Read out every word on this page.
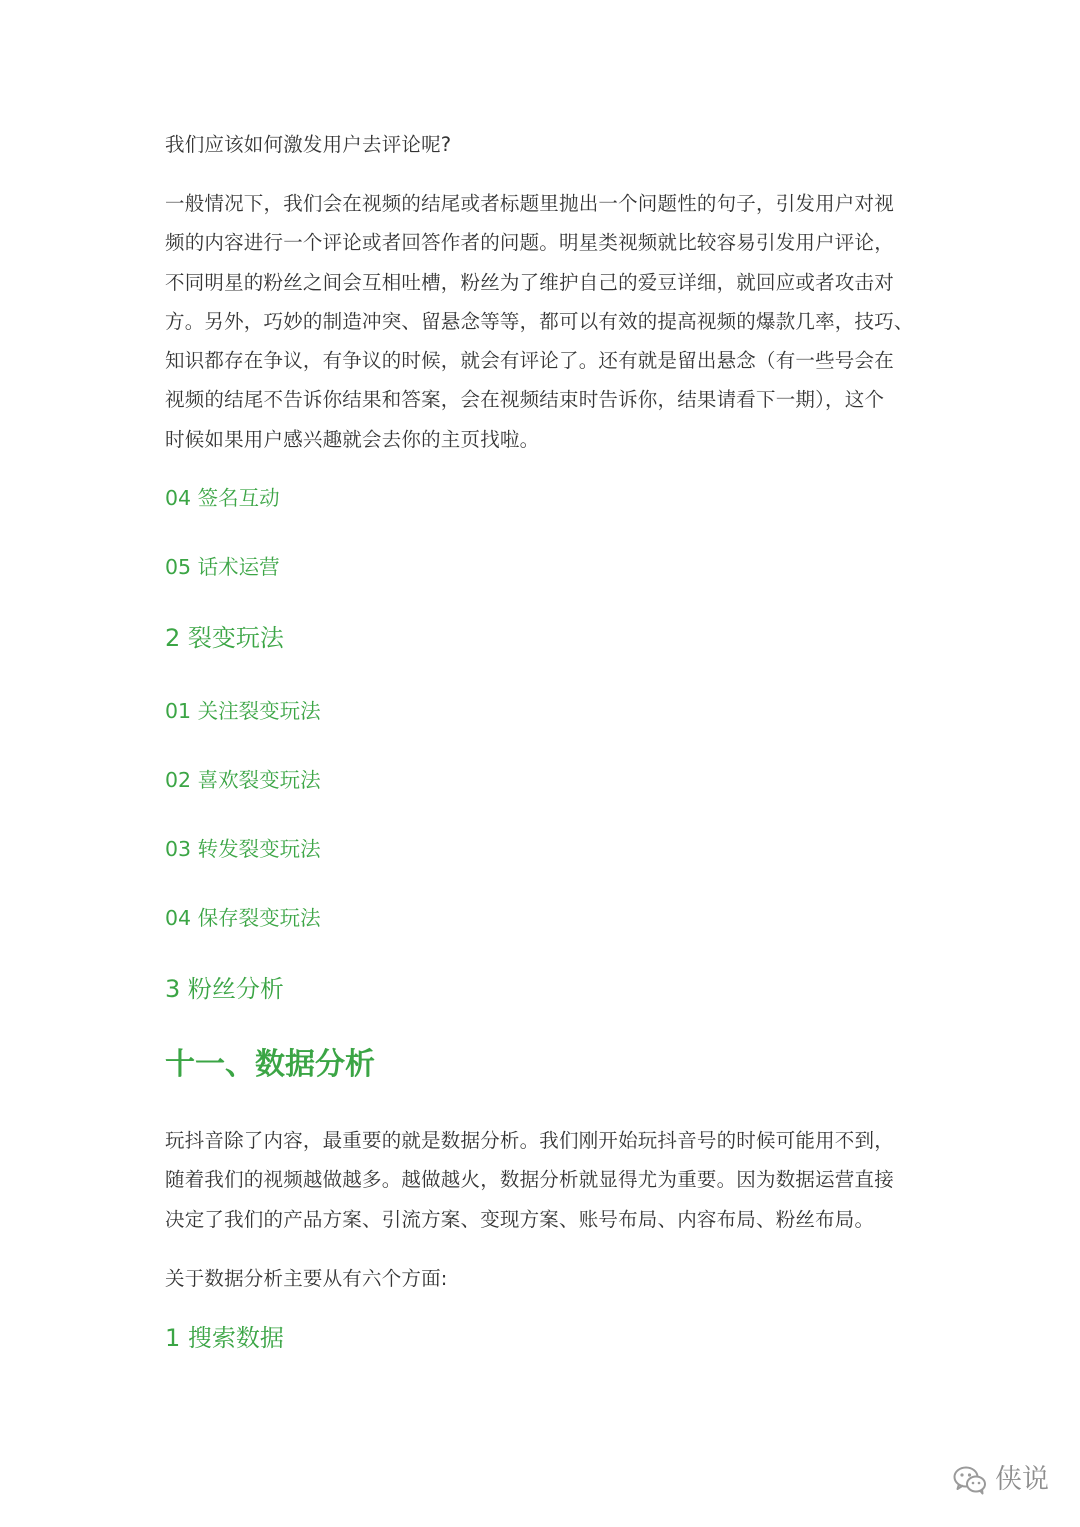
我们应该如何激发用户去评论呢?
一般情况下，我们会在视频的结尾或者标题里抛出一个问题性的句子，引发用户对视
频的内容进行一个评论或者回答作者的问题。明星类视频就比较容易引发用户评论，
不同明星的粉丝之间会互相吐槽，粉丝为了维护自己的爱豆详细，就回应或者攻击对
方。另外，巧妙的制造冲突、留悬念等等，都可以有效的提高视频的爆款几率，技巧、
知识都存在争议，有争议的时候，就会有评论了。还有就是留出悬念（有一些号会在
视频的结尾不告诉你结果和答案，会在视频结束时告诉你，结果请看下一期），这个
时候如果用户感兴趣就会去你的主页找啦。
04 签名互动
05 话术运营
2 裂变玩法
01 关注裂变玩法
02 喜欢裂变玩法
03 转发裂变玩法
04 保存裂变玩法
3 粉丝分析
十一、数据分析
玩抖音除了内容，最重要的就是数据分析。我们刚开始玩抖音号的时候可能用不到，
随着我们的视频越做越多。越做越火，数据分析就显得尤为重要。因为数据运营直接
决定了我们的产品方案、引流方案、变现方案、账号布局、内容布局、粉丝布局。
关于数据分析主要从有六个方面:
1 搜索数据
侠说
